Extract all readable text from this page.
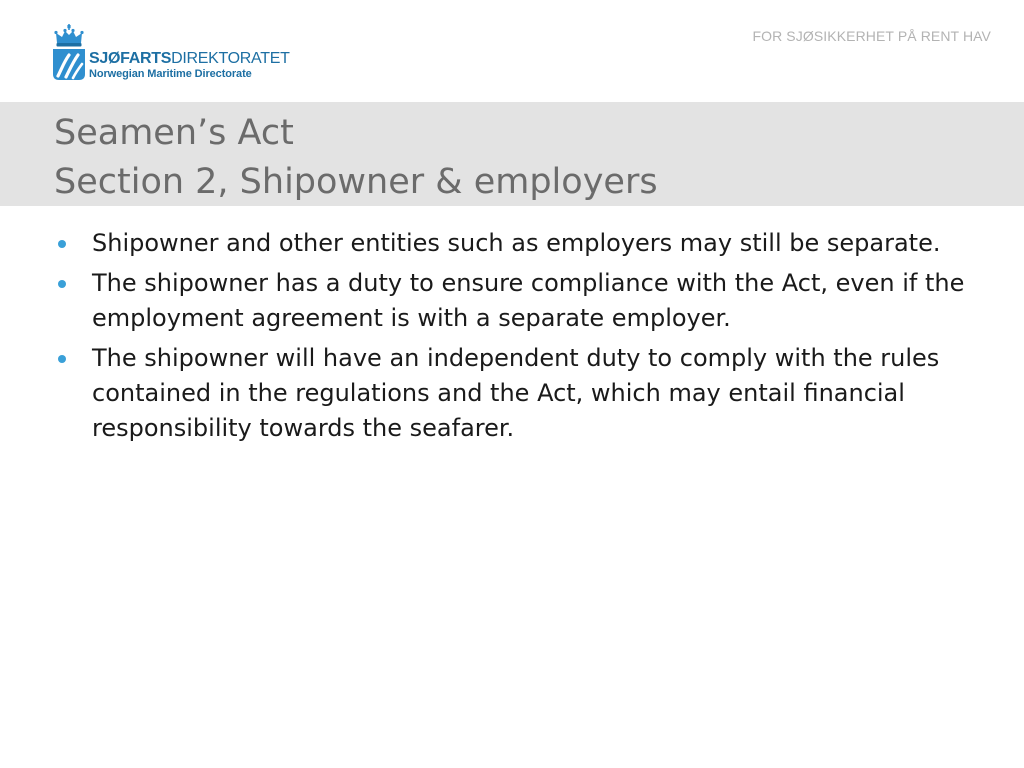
SJØFARTSDIREKTORATET
Norwegian Maritime Directorate
FOR SJØSIKKERHET PÅ RENT HAV
Seamen’s Act
Section 2, Shipowner & employers
Shipowner and other entities such as employers may still be separate.
The shipowner has a duty to ensure compliance with the Act, even if the employment agreement is with a separate employer.
The shipowner will have an independent duty to comply with the rules contained in the regulations and the Act, which may entail financial responsibility towards the seafarer.
